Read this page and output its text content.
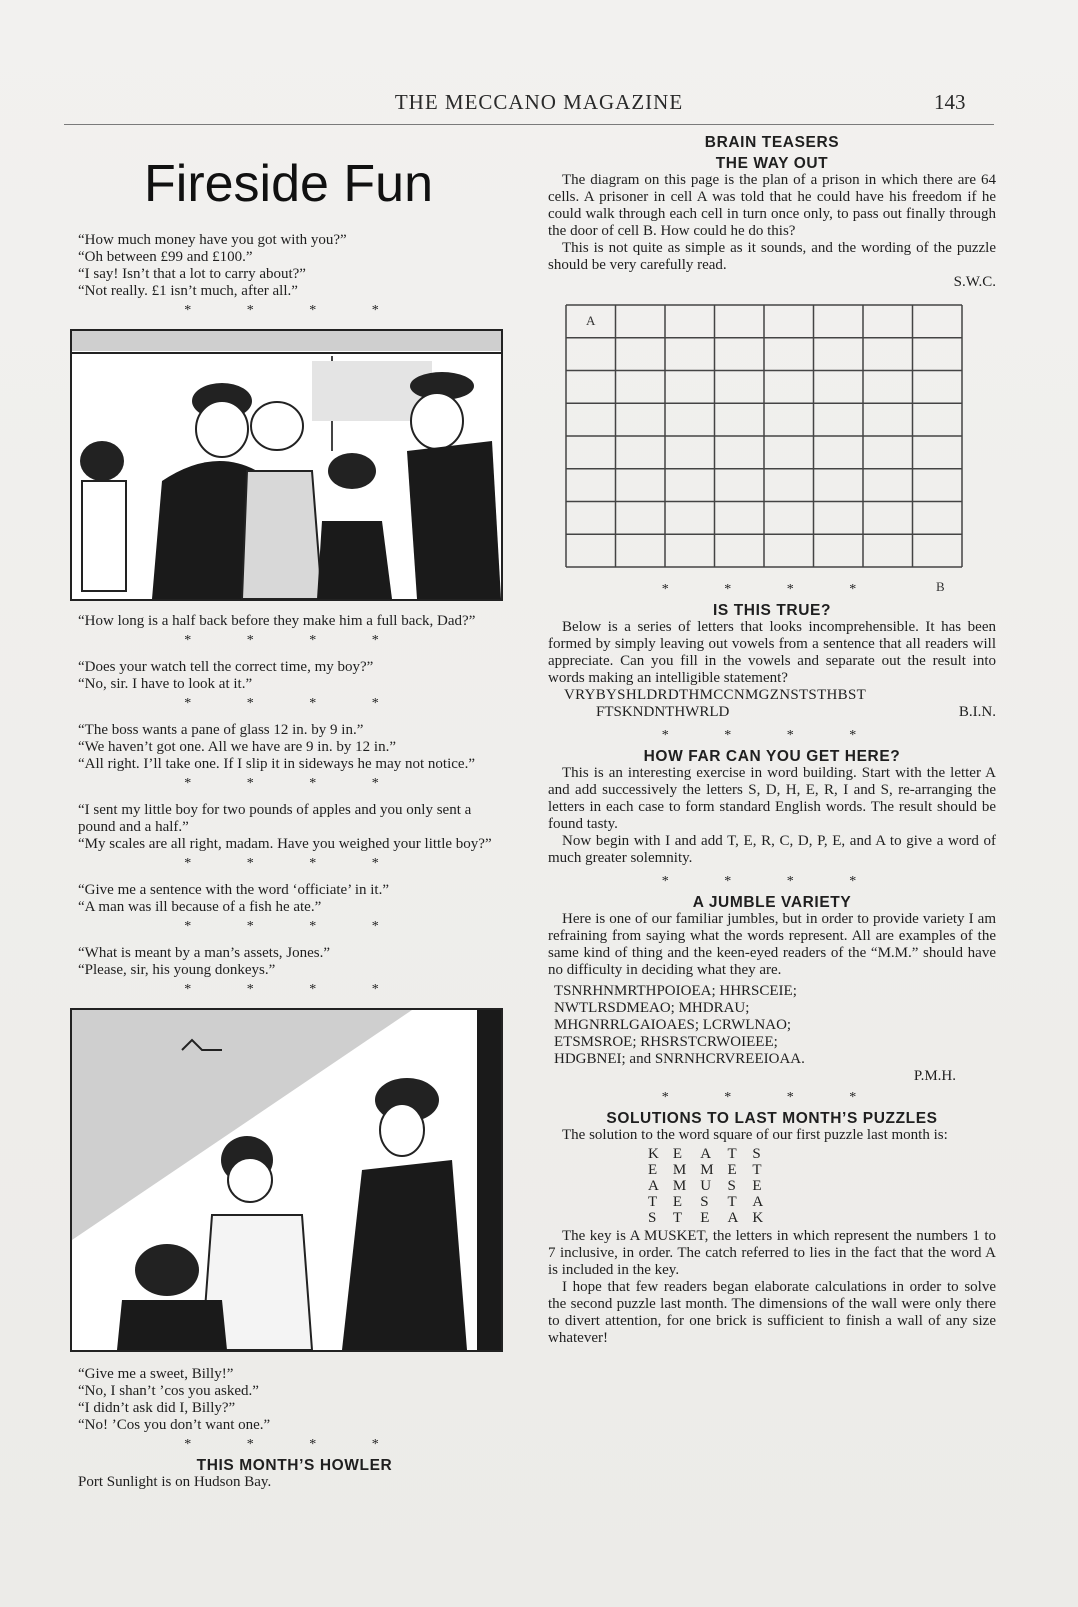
THE MECCANO MAGAZINE	143
Fireside Fun

“How much money have you got with you?”

“Oh between £99 and £100.”

“I say! Isn’t that a lot to carry about?”

“Not really. £1 isn’t much, after all.”

* * * *

“How long is a half back before they make him a full back, Dad?”

* * * *

“Does your watch tell the correct time, my boy?”

“No, sir. I have to look at it.”

* * * *

“The boss wants a pane of glass 12 in. by 9 in.”

“We haven’t got one. All we have are 9 in. by 12 in.”

“All right. I’ll take one. If I slip it in sideways he may not notice.”

* * * *

“I sent my little boy for two pounds of apples and you only sent a pound and a half.”

“My scales are all right, madam. Have you weighed your little boy?”

* * * *

“Give me a sentence with the word ‘officiate’ in it.”

“A man was ill because of a fish he ate.”

* * * *

“What is meant by a man’s assets, Jones.”

“Please, sir, his young donkeys.”

* * * *

“Give me a sweet, Billy!”

“No, I shan’t ’cos you asked.”

“I didn’t ask did I, Billy?”

“No! ’Cos you don’t want one.”

* * * *
THIS MONTH’S HOWLER

Port Sunlight is on Hudson Bay.

BRAIN TEASERS
THE WAY OUT

The diagram on this page is the plan of a prison in which there are 64 cells. A prisoner in cell A was told that he could have his freedom if he could walk through each cell in turn once only, to pass out finally through the door of cell B. How could he do this?

This is not quite as simple as it sounds, and the wording of the puzzle should be very carefully read.

S.W.C.
A
B
* * * *
IS THIS TRUE?

Below is a series of letters that looks incomprehensible. It has been formed by simply leaving out vowels from a sentence that all readers will appreciate. Can you fill in the vowels and separate out the result into words making an intelligible statement?

VRYBYSHLDRDTHMCCNMGZNSTSTHBST
FTSKNDNTHWRLD	B.I.N.
* * * *
HOW FAR CAN YOU GET HERE?

This is an interesting exercise in word building. Start with the letter A and add successively the letters S, D, H, E, R, I and S, re-arranging the letters in each case to form standard English words. The result should be found tasty.

Now begin with I and add T, E, R, C, D, P, E, and A to give a word of much greater solemnity.

* * * *
A JUMBLE VARIETY

Here is one of our familiar jumbles, but in order to provide variety I am refraining from saying what the words represent. All are examples of the same kind of thing and the keen-eyed readers of the “M.M.” should have no difficulty in deciding what they are.

TSNRHNMRTHPOIOEA; HHRSCEIE;
NWTLRSDMEAO; MHDRAU;
MHGNRRLGAIOAES; LCRWLNAO;
ETSMSROE; RHSRSTCRWOIEEE;
HDGBNEI; and SNRNHCRVREEIOAA.
P.M.H.
* * * *
SOLUTIONS TO LAST MONTH’S PUZZLES

The solution to the word square of our first puzzle last month is:

K	E	A	T	S
E	M	M	E	T
A	M	U	S	E
T	E	S	T	A
S	T	E	A	K

The key is A MUSKET, the letters in which represent the numbers 1 to 7 inclusive, in order. The catch referred to lies in the fact that the word A is included in the key.

I hope that few readers began elaborate calculations in order to solve the second puzzle last month. The dimensions of the wall were only there to divert attention, for one brick is sufficient to finish a wall of any size whatever!
